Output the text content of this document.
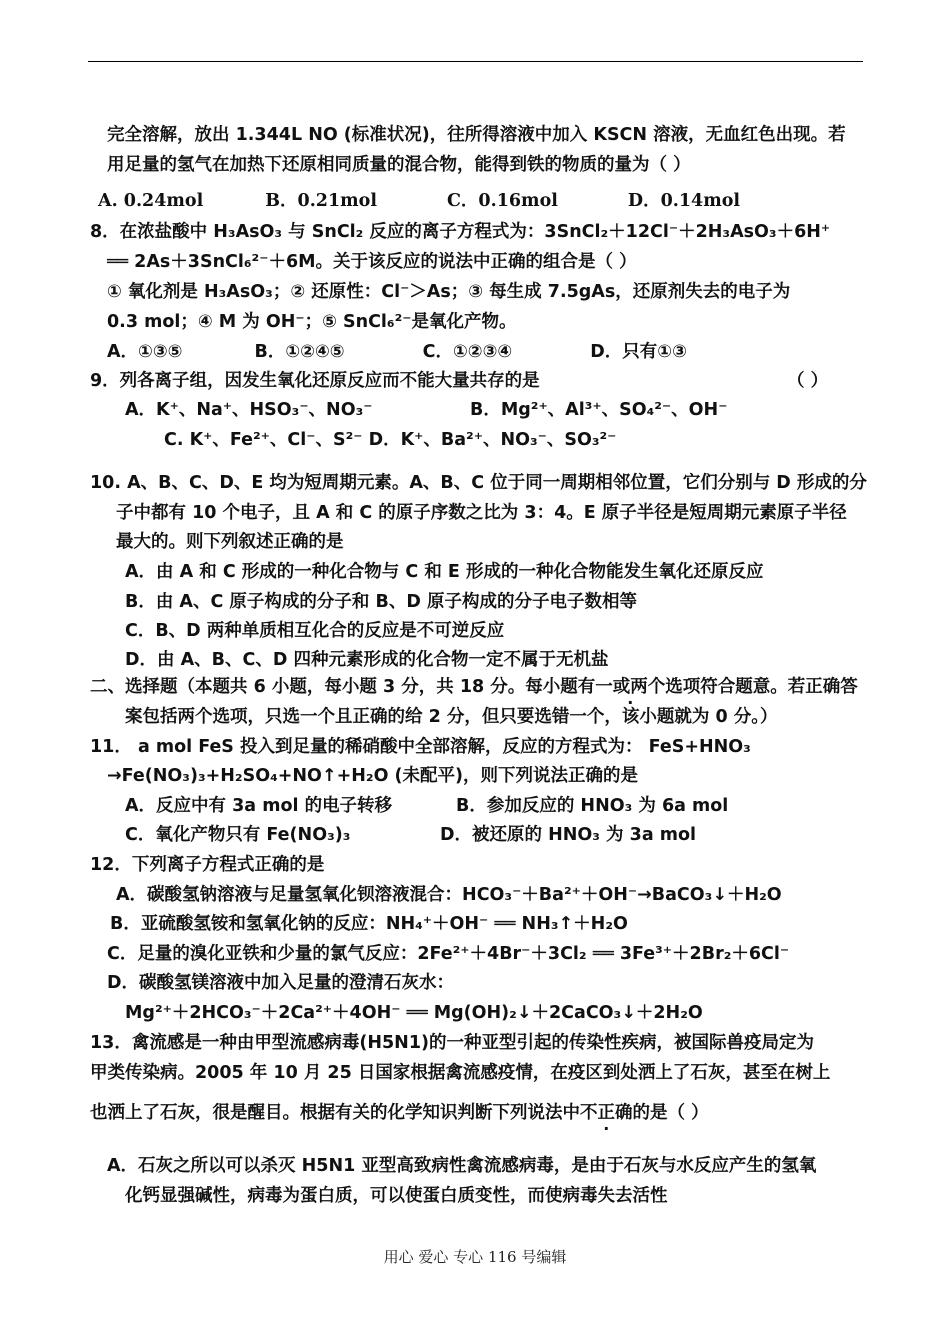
完全溶解，放出 1.344L NO (标准状况)，往所得溶液中加入 KSCN 溶液，无血红色出现。若
用足量的氢气在加热下还原相同质量的混合物，能得到铁的物质的量为（ ）
A. 0.24mol	B．0.21mol	C．0.16mol	D．0.14mol
8．在浓盐酸中 H₃AsO₃ 与 SnCl₂ 反应的离子方程式为：3SnCl₂＋12Cl⁻＋2H₃AsO₃＋6H⁺
══ 2As＋3SnCl₆²⁻＋6M。关于该反应的说法中正确的组合是（ ）
① 氧化剂是 H₃AsO₃；② 还原性：Cl⁻＞As；③ 每生成 7.5gAs，还原剂失去的电子为
0.3 mol；④ M 为 OH⁻；⑤ SnCl₆²⁻是氧化产物。
A．①③⑤	B．①②④⑤	C．①②③④	D．只有①③
9．列各离子组，因发生氧化还原反应而不能大量共存的是	（ ）
A．K⁺、Na⁺、HSO₃⁻、NO₃⁻	B．Mg²⁺、Al³⁺、SO₄²⁻、OH⁻
C. K⁺、Fe²⁺、Cl⁻、S²⁻ D．K⁺、Ba²⁺、NO₃⁻、SO₃²⁻
10. A、B、C、D、E 均为短周期元素。A、B、C 位于同一周期相邻位置，它们分别与 D 形成的分
子中都有 10 个电子，且 A 和 C 的原子序数之比为 3：4。E 原子半径是短周期元素原子半径
最大的。则下列叙述正确的是
A．由 A 和 C 形成的一种化合物与 C 和 E 形成的一种化合物能发生氧化还原反应
B．由 A、C 原子构成的分子和 B、D 原子构成的分子电子数相等
C．B、D 两种单质相互化合的反应是不可逆反应
D．由 A、B、C、D 四种元素形成的化合物一定不属于无机盐
二、选择题（本题共 6 小题，每小题 3 分，共 18 分。每小题有一或两个选项符合题意。若正确答
案包括两个选项，只选一个且正确的给 2 分，但只要选错一个，该小题就为 0 分。）
11． a mol FeS 投入到足量的稀硝酸中全部溶解，反应的方程式为： FeS+HNO₃
→Fe(NO₃)₃+H₂SO₄+NO↑+H₂O (未配平)，则下列说法正确的是
A．反应中有 3a mol 的电子转移	B．参加反应的 HNO₃ 为 6a mol
C．氧化产物只有 Fe(NO₃)₃	D．被还原的 HNO₃ 为 3a mol
12．下列离子方程式正确的是
A．碳酸氢钠溶液与足量氢氧化钡溶液混合：HCO₃⁻＋Ba²⁺＋OH⁻→BaCO₃↓＋H₂O
B．亚硫酸氢铵和氢氧化钠的反应：NH₄⁺＋OH⁻ ══ NH₃↑＋H₂O
C．足量的溴化亚铁和少量的氯气反应：2Fe²⁺＋4Br⁻＋3Cl₂ ══ 3Fe³⁺＋2Br₂＋6Cl⁻
D．碳酸氢镁溶液中加入足量的澄清石灰水：
Mg²⁺＋2HCO₃⁻＋2Ca²⁺＋4OH⁻ ══ Mg(OH)₂↓＋2CaCO₃↓＋2H₂O
13．禽流感是一种由甲型流感病毒(H5N1)的一种亚型引起的传染性疾病，被国际兽疫局定为
甲类传染病。2005 年 10 月 25 日国家根据禽流感疫情，在疫区到处洒上了石灰，甚至在树上
也洒上了石灰，很是醒目。根据有关的化学知识判断下列说法中不正确的是（ ）
A．石灰之所以可以杀灭 H5N1 亚型高致病性禽流感病毒，是由于石灰与水反应产生的氢氧
化钙显强碱性，病毒为蛋白质，可以使蛋白质变性，而使病毒失去活性
用心 爱心 专心 116 号编辑
